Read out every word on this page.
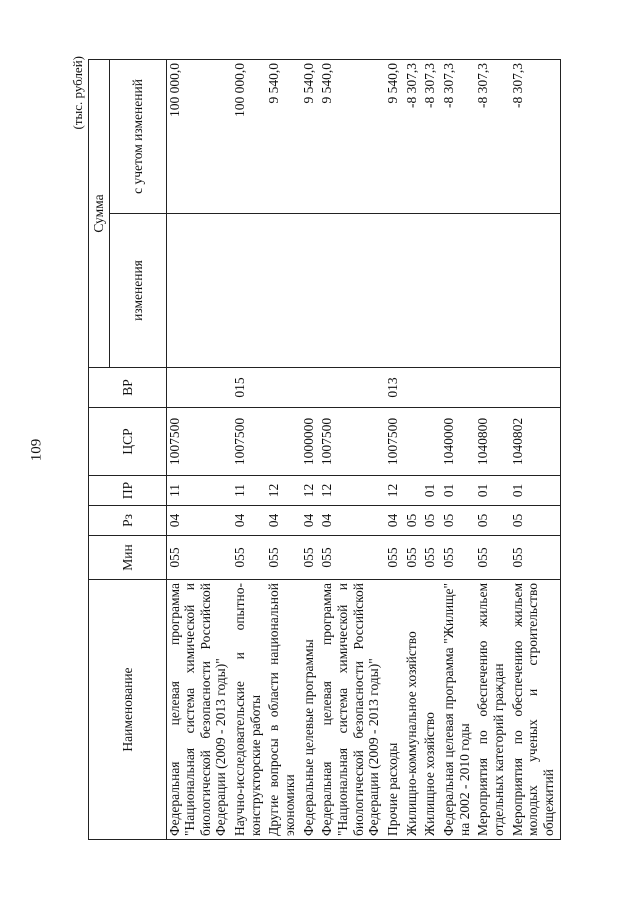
109
(тыс. рублей)
Наименование	Мин	Рз	ПР	ЦСР	ВР	Сумма	
						изменения	с учетом изменений
Федеральная целевая программа "Национальная система химической и биологической безопасности Российской Федерации (2009 - 2013 годы)"	055	04	11	1007500			100 000,0
Научно-исследовательские и опытно-конструкторские работы	055	04	11	1007500	015		100 000,0
Другие вопросы в области национальной экономики	055	04	12				9 540,0
Федеральные целевые программы	055	04	12	1000000			9 540,0
Федеральная целевая программа "Национальная система химической и биологической безопасности Российской Федерации (2009 - 2013 годы)"	055	04	12	1007500			9 540,0
Прочие расходы	055	04	12	1007500	013		9 540,0
Жилищно-коммунальное хозяйство	055	05					-8 307,3
Жилищное хозяйство	055	05	01				-8 307,3
Федеральная целевая программа "Жилище" на 2002 - 2010 годы	055	05	01	1040000			-8 307,3
Мероприятия по обеспечению жильем отдельных категорий граждан	055	05	01	1040800			-8 307,3
Мероприятия по обеспечению жильем молодых ученых и строительство общежитий	055	05	01	1040802			-8 307,3
